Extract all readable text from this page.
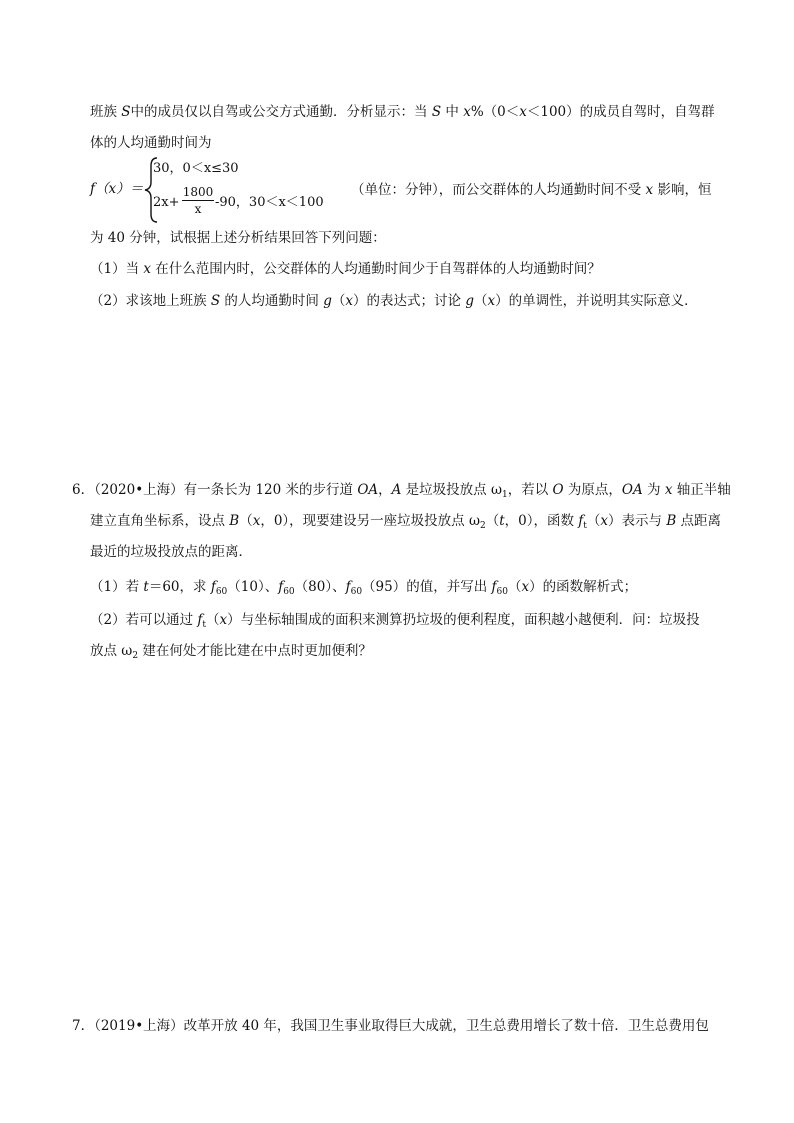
班族 S中的成员仅以自驾或公交方式通勤．分析显示：当 S 中 x%（0＜x＜100）的成员自驾时，自驾群
体的人均通勤时间为
f（x）＝
30，0＜x≤30
2x+
1800
x	-90，30＜x＜100
（单位：分钟），而公交群体的人均通勤时间不受 x 影响，恒
为 40 分钟，试根据上述分析结果回答下列问题：
（1）当 x 在什么范围内时，公交群体的人均通勤时间少于自驾群体的人均通勤时间？
（2）求该地上班族 S 的人均通勤时间 g（x）的表达式；讨论 g（x）的单调性，并说明其实际意义．
6．（2020•上海）有一条长为 120 米的步行道 OA，A 是垃圾投放点 $\omega_1$，若以 O 为原点，OA 为 x 轴正半轴
建立直角坐标系，设点 B（x，0），现要建设另一座垃圾投放点 $\omega_2(t$，0），函数 $f_t(x)$表示与 B 点距离
最近的垃圾投放点的距离．
（1）若 t＝60，求 $f_{60}(10)$、$f_{60}(80)$、$f_{60}(95)$的值，并写出 $f_{60}(x)$的函数解析式；
（2）若可以通过 $f_t(x)$与坐标轴围成的面积来测算扔垃圾的便利程度，面积越小越便利．问：垃圾投
放点 $\omega_2$ 建在何处才能比建在中点时更加便利？
7．（2019•上海）改革开放 40 年，我国卫生事业取得巨大成就，卫生总费用增长了数十倍．卫生总费用包
